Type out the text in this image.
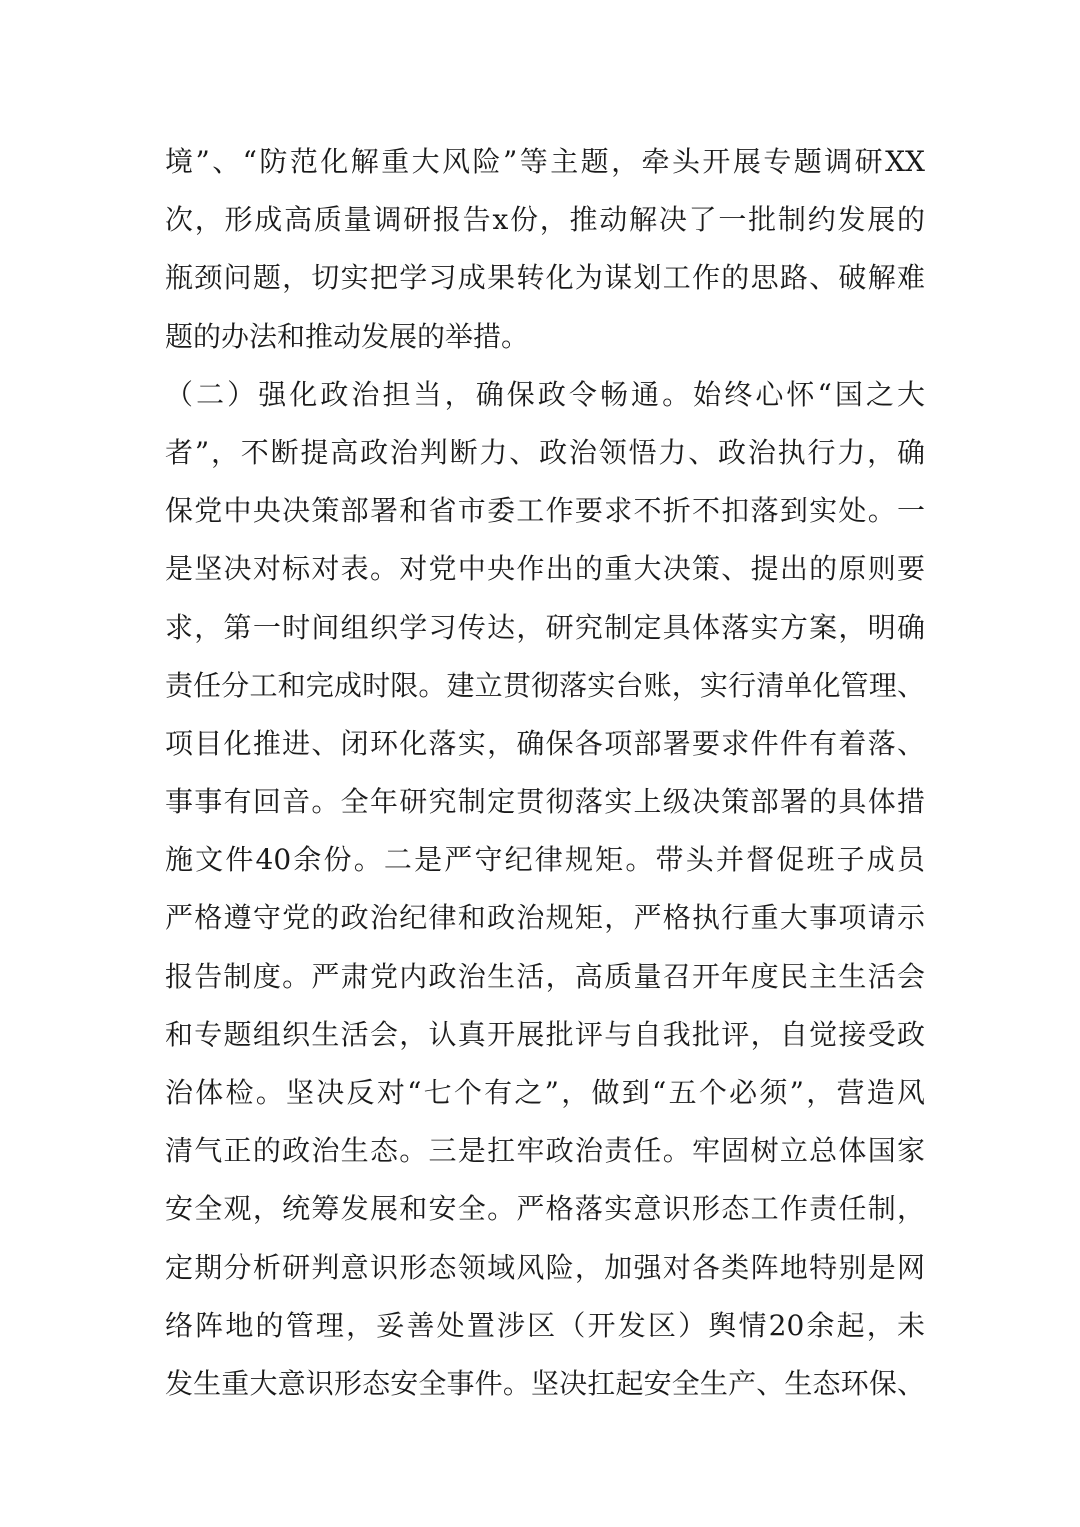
境”、“防范化解重大风险”等主题，牵头开展专题调研XX
次，形成高质量调研报告x份，推动解决了一批制约发展的
瓶颈问题，切实把学习成果转化为谋划工作的思路、破解难
题的办法和推动发展的举措。
（二）强化政治担当，确保政令畅通。始终心怀“国之大
者”，不断提高政治判断力、政治领悟力、政治执行力，确
保党中央决策部署和省市委工作要求不折不扣落到实处。一
是坚决对标对表。对党中央作出的重大决策、提出的原则要
求，第一时间组织学习传达，研究制定具体落实方案，明确
责任分工和完成时限。建立贯彻落实台账，实行清单化管理、
项目化推进、闭环化落实，确保各项部署要求件件有着落、
事事有回音。全年研究制定贯彻落实上级决策部署的具体措
施文件40余份。二是严守纪律规矩。带头并督促班子成员
严格遵守党的政治纪律和政治规矩，严格执行重大事项请示
报告制度。严肃党内政治生活，高质量召开年度民主生活会
和专题组织生活会，认真开展批评与自我批评，自觉接受政
治体检。坚决反对“七个有之”，做到“五个必须”，营造风
清气正的政治生态。三是扛牢政治责任。牢固树立总体国家
安全观，统筹发展和安全。严格落实意识形态工作责任制，
定期分析研判意识形态领域风险，加强对各类阵地特别是网
络阵地的管理，妥善处置涉区（开发区）舆情20余起，未
发生重大意识形态安全事件。坚决扛起安全生产、生态环保、
